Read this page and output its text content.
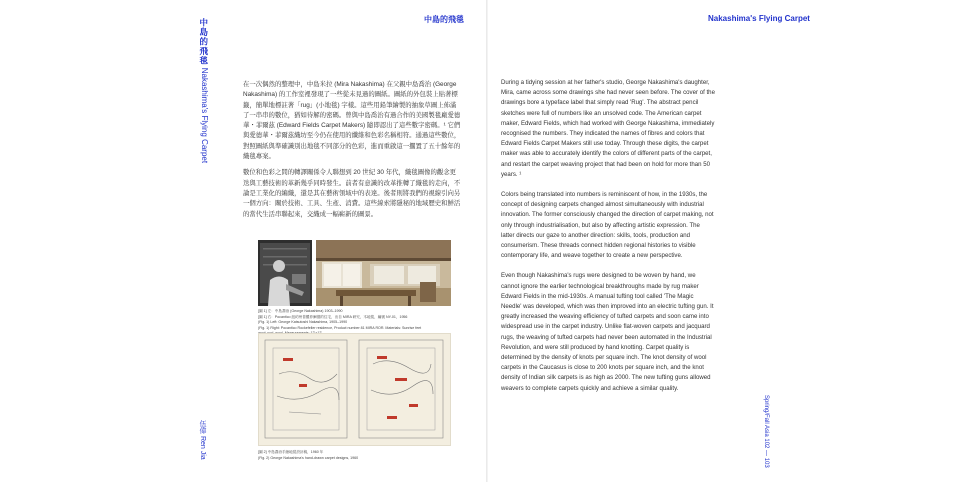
中島的飛毯 Nakashima's Flying Carpet
中島的飛毯

在一次偶然的整理中，中島米拉 (Mira Nakashima) 在父親中島喬治 (George Nakashima) 的工作室裡發現了一些從未見過的圖紙。圖紙的外包裝上貼著標籤，簡單地標註著「rug」(小地毯) 字樣。這些用鉛筆繪製的抽象草圖上佈滿了一串串的數位，猶如待解的密碼。曾與中島喬治有過合作的美國製毯廠愛德華・菲爾茲 (Edward Fields Carpet Makers) 隨即認出了這些數字密碼。¹ 它們與愛德華・菲爾茲織坊至今仍在使用的纖維和色彩名稱相符。通過這些數位，對照圖紙與準確識別出地毯不同部分的色彩，進而重啟這一擱置了五十餘年的織毯專案。

數位和色彩之間的轉譯關係令人聯想到 20 世紀 30 年代，織毯圖像的觀念更迭與工藝技術的革新幾乎同時發生。前者有意識的改革推轉了織毯的走向，不論是工業化的編織，還是其在藝術領域中的表達。後者則將我們的視線引向另一個方向：關於技術、工具、生產、消費。這些線索將隱秘的地域歷史和鮮活的當代生活串聯起來，交織成一幅嶄新的圖景。

[圖 1] 左：中島喬治 (George Nakashima) 1903–1990
[圖 1] 右：Pocantico 紐約州普羅菲爾德的住宅，出自 MIRA 研究，木地毯，編號 NY-01，1956
(Fig. 1) Left: George Katsutoshi Nakashima, 1905–1990
(Fig. 1) Right: Pocantico Rockefeller residence, Product number 81 MIRA ROR. Materials: Sunrise feet
[圖 2] 中島喬治手繪地毯設計稿，1960 年
(Fig. 2) George Nakashima's hand-drawn carpet designs, 1960
伍偉 Ren Jia
Nakashima's Flying Carpet

During a tidying session at her father's studio, George Nakashima's daughter, Mira, came across some drawings she had never seen before. The cover of the drawings bore a typeface label that simply read 'Rug'. The abstract pencil sketches were full of numbers like an unsolved code. The American carpet maker, Edward Fields, which had worked with George Nakashima, immediately recognised the numbers. They indicated the names of fibres and colors that Edward Fields Carpet Makers still use today. Through these digits, the carpet maker was able to accurately identify the colors of different parts of the carpet, and restart the carpet weaving project that had been on hold for more than 50 years. ¹

Colors being translated into numbers is reminiscent of how, in the 1930s, the concept of designing carpets changed almost simultaneously with industrial innovation. The former consciously changed the direction of carpet making, not only through industrialisation, but also by affecting artistic expression. The latter directs our gaze to another direction: skills, tools, production and consumerism. These threads connect hidden regional histories to visible contemporary life, and weave together to create a new perspective.

Even though Nakashima's rugs were designed to be woven by hand, we cannot ignore the earlier technological breakthroughs made by rug maker Edward Fields in the mid-1930s. A manual tufting tool called 'The Magic Needle' was developed, which was then improved into an electric tufting gun. It greatly increased the weaving efficiency of tufted carpets and soon came into widespread use in the carpet industry. Unlike flat-woven carpets and jacquard rugs, the weaving of tufted carpets had never been automated in the Industrial Revolution, and were still produced by hand knotting. Carpet quality is determined by the density of knots per square inch. The knot density of wool carpets in the Caucasus is close to 200 knots per square inch, and the knot density of Indian silk carpets is as high as 2000. The new tufting guns allowed weavers to complete carpets quickly and achieve a similar quality.

Spring/Fall Asia 102 — 103
